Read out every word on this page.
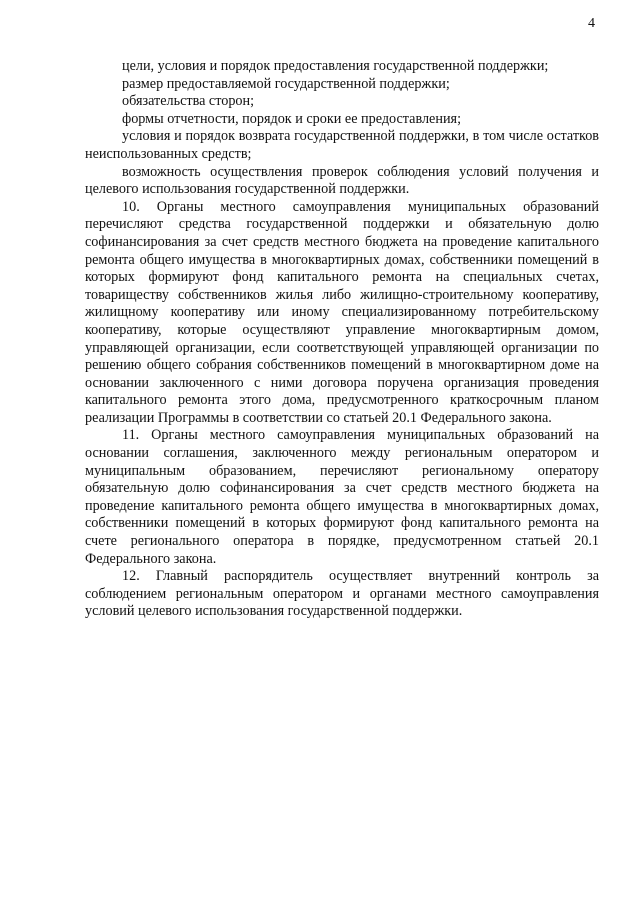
4

цели, условия и порядок предоставления государственной поддержки;

размер предоставляемой государственной поддержки;

обязательства сторон;

формы отчетности, порядок и сроки ее предоставления;

условия и порядок возврата государственной поддержки, в том числе остатков неиспользованных средств;

возможность осуществления проверок соблюдения условий получения и целевого использования государственной поддержки.

10. Органы местного самоуправления муниципальных образований перечисляют средства государственной поддержки и обязательную долю софинансирования за счет средств местного бюджета на проведение капитального ремонта общего имущества в многоквартирных домах, собственники помещений в которых формируют фонд капитального ремонта на специальных счетах, товариществу собственников жилья либо жилищно-строительному кооперативу, жилищному кооперативу или иному специализированному потребительскому кооперативу, которые осуществляют управление многоквартирным домом, управляющей организации, если соответствующей управляющей организации по решению общего собрания собственников помещений в многоквартирном доме на основании заключенного с ними договора поручена организация проведения капитального ремонта этого дома, предусмотренного краткосрочным планом реализации Программы в соответствии со статьей 20.1 Федерального закона.

11. Органы местного самоуправления муниципальных образований на основании соглашения, заключенного между региональным оператором и муниципальным образованием, перечисляют региональному оператору обязательную долю софинансирования за счет средств местного бюджета на проведение капитального ремонта общего имущества в многоквартирных домах, собственники помещений в которых формируют фонд капитального ремонта на счете регионального оператора в порядке, предусмотренном статьей 20.1 Федерального закона.

12. Главный распорядитель осуществляет внутренний контроль за соблюдением региональным оператором и органами местного самоуправления условий целевого использования государственной поддержки.
